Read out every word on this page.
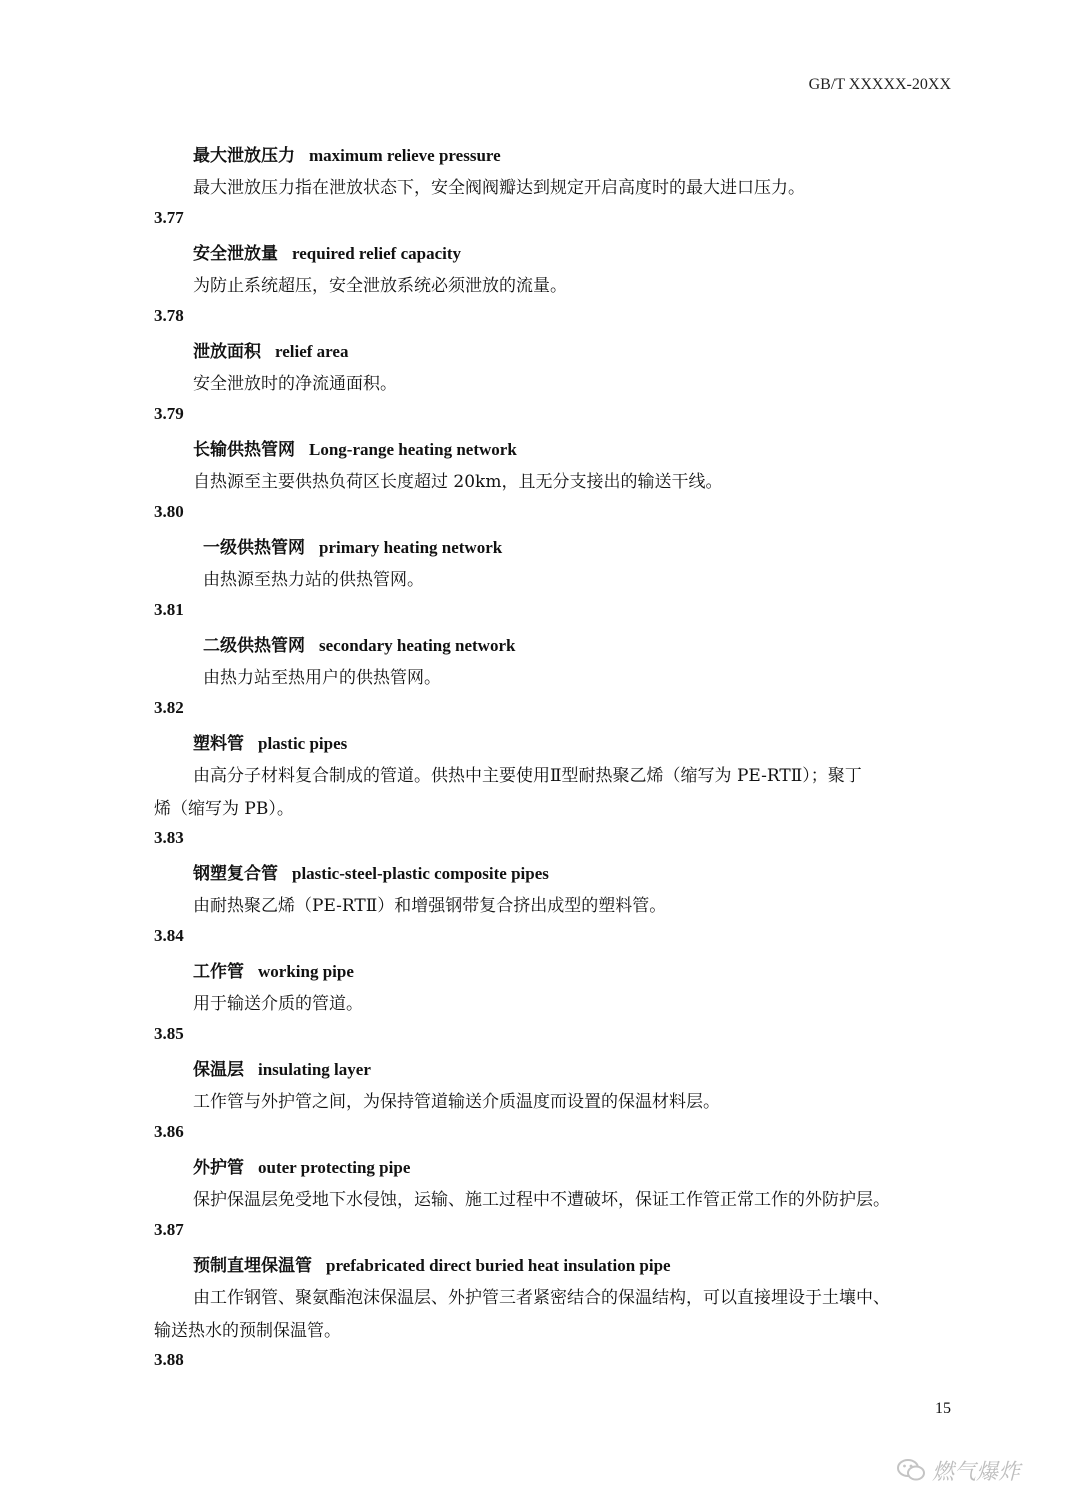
GB/T XXXXX-20XX
最大泄放压力 maximum relieve pressure
最大泄放压力指在泄放状态下，安全阀阀瓣达到规定开启高度时的最大进口压力。
3.77
安全泄放量 required relief capacity
为防止系统超压，安全泄放系统必须泄放的流量。
3.78
泄放面积 relief area
安全泄放时的净流通面积。
3.79
长输供热管网 Long-range heating network
自热源至主要供热负荷区长度超过 20km，且无分支接出的输送干线。
3.80
一级供热管网 primary heating network
由热源至热力站的供热管网。
3.81
二级供热管网 secondary heating network
由热力站至热用户的供热管网。
3.82
塑料管 plastic pipes
由高分子材料复合制成的管道。供热中主要使用Ⅱ型耐热聚乙烯（缩写为 PE-RTⅡ）；聚丁
烯（缩写为 PB）。
3.83
钢塑复合管 plastic-steel-plastic composite pipes
由耐热聚乙烯（PE-RTⅡ）和增强钢带复合挤出成型的塑料管。
3.84
工作管 working pipe
用于输送介质的管道。
3.85
保温层 insulating layer
工作管与外护管之间，为保持管道输送介质温度而设置的保温材料层。
3.86
外护管 outer protecting pipe
保护保温层免受地下水侵蚀，运输、施工过程中不遭破坏，保证工作管正常工作的外防护层。
3.87
预制直埋保温管 prefabricated direct buried heat insulation pipe
由工作钢管、聚氨酯泡沫保温层、外护管三者紧密结合的保温结构，可以直接埋设于土壤中、
输送热水的预制保温管。
3.88
15
燃气爆炸
